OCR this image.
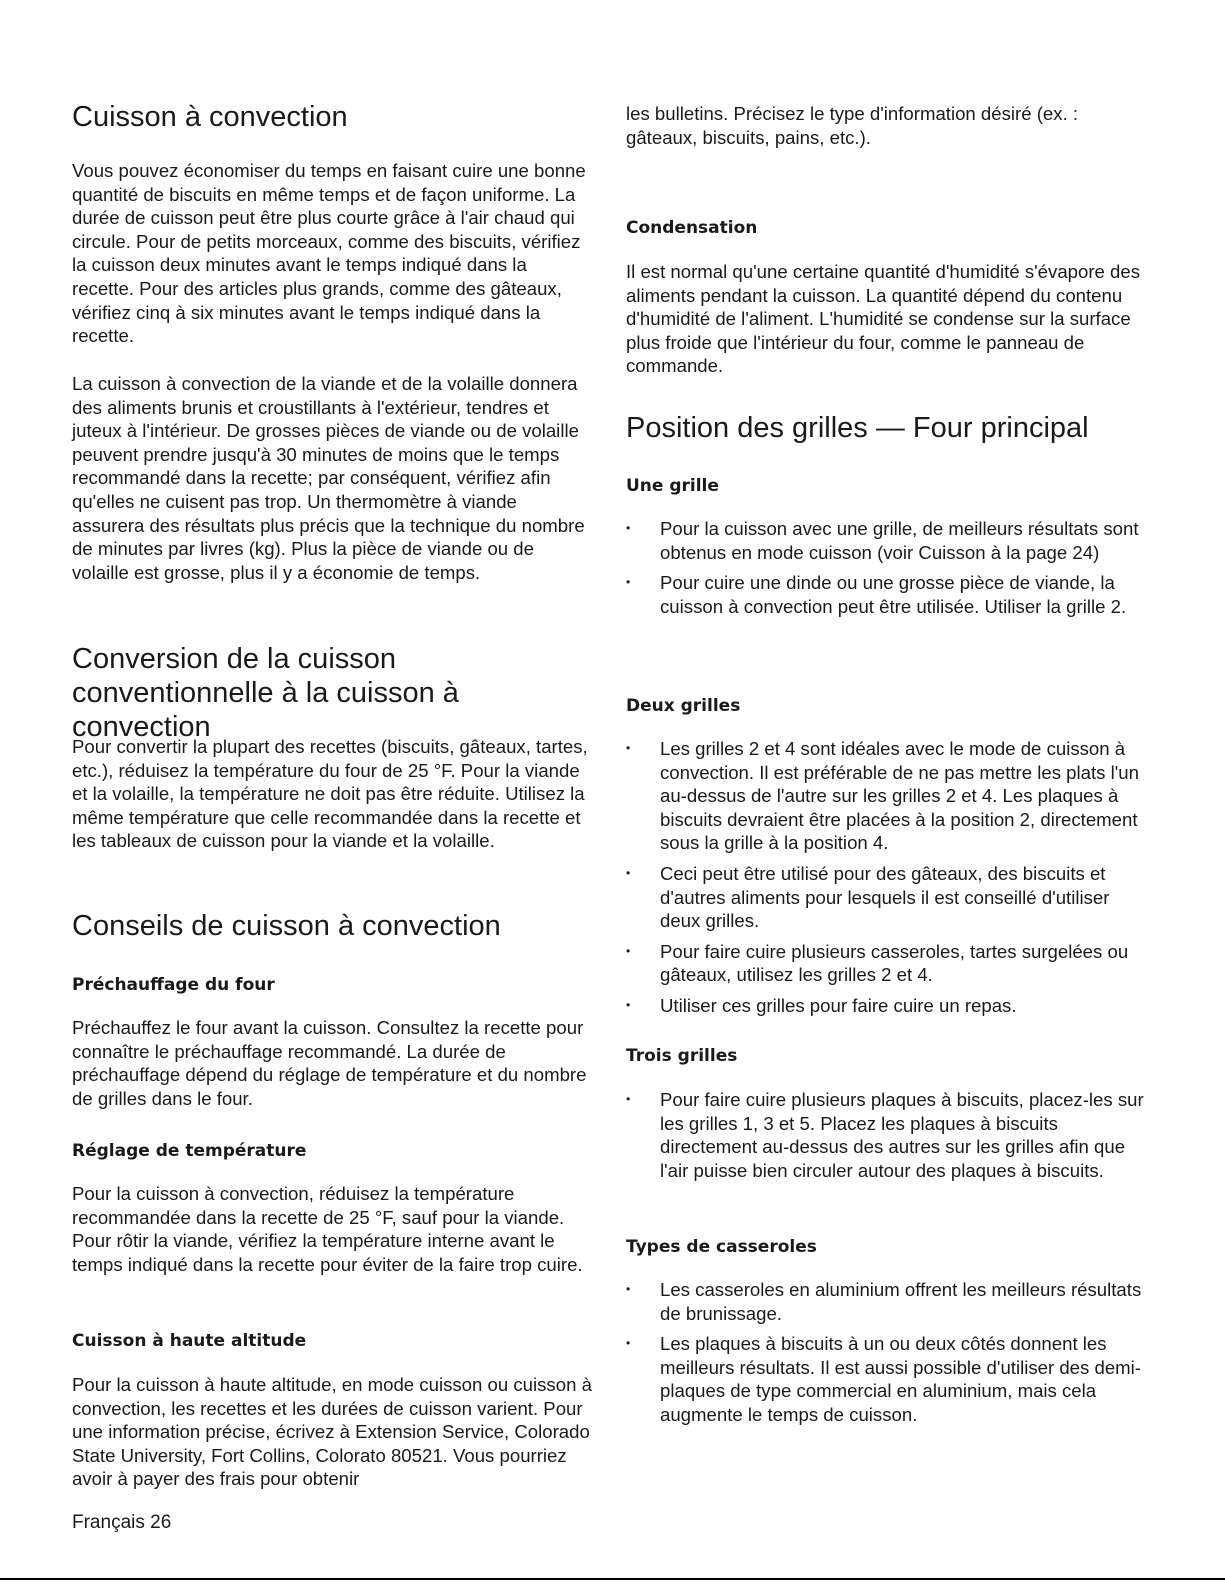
Cuisson à convection

Vous pouvez économiser du temps en faisant cuire une bonne quantité de biscuits en même temps et de façon uniforme. La durée de cuisson peut être plus courte grâce à l'air chaud qui circule. Pour de petits morceaux, comme des biscuits, vérifiez la cuisson deux minutes avant le temps indiqué dans la recette. Pour des articles plus grands, comme des gâteaux, vérifiez cinq à six minutes avant le temps indiqué dans la recette.

La cuisson à convection de la viande et de la volaille donnera des aliments brunis et croustillants à l'extérieur, tendres et juteux à l'intérieur. De grosses pièces de viande ou de volaille peuvent prendre jusqu'à 30 minutes de moins que le temps recommandé dans la recette; par conséquent, vérifiez afin qu'elles ne cuisent pas trop. Un thermomètre à viande assurera des résultats plus précis que la technique du nombre de minutes par livres (kg). Plus la pièce de viande ou de volaille est grosse, plus il y a économie de temps.

Conversion de la cuisson conventionnelle à la cuisson à convection

Pour convertir la plupart des recettes (biscuits, gâteaux, tartes, etc.), réduisez la température du four de 25 °F. Pour la viande et la volaille, la température ne doit pas être réduite. Utilisez la même température que celle recommandée dans la recette et les tableaux de cuisson pour la viande et la volaille.

Conseils de cuisson à convection
Préchauffage du four

Préchauffez le four avant la cuisson. Consultez la recette pour connaître le préchauffage recommandé. La durée de préchauffage dépend du réglage de température et du nombre de grilles dans le four.

Réglage de température

Pour la cuisson à convection, réduisez la température recommandée dans la recette de 25 °F, sauf pour la viande. Pour rôtir la viande, vérifiez la température interne avant le temps indiqué dans la recette pour éviter de la faire trop cuire.

Cuisson à haute altitude

Pour la cuisson à haute altitude, en mode cuisson ou cuisson à convection, les recettes et les durées de cuisson varient. Pour une information précise, écrivez à Extension Service, Colorado State University, Fort Collins, Colorato 80521. Vous pourriez avoir à payer des frais pour obtenir

les bulletins. Précisez le type d'information désiré (ex. : gâteaux, biscuits, pains, etc.).

Condensation

Il est normal qu'une certaine quantité d'humidité s'évapore des aliments pendant la cuisson. La quantité dépend du contenu d'humidité de l'aliment. L'humidité se condense sur la surface plus froide que l'intérieur du four, comme le panneau de commande.

Position des grilles — Four principal
Une grille
• Pour la cuisson avec une grille, de meilleurs résultats sont obtenus en mode cuisson (voir Cuisson à la page 24)
• Pour cuire une dinde ou une grosse pièce de viande, la cuisson à convection peut être utilisée. Utiliser la grille 2.
Deux grilles
• Les grilles 2 et 4 sont idéales avec le mode de cuisson à convection. Il est préférable de ne pas mettre les plats l'un au-dessus de l'autre sur les grilles 2 et 4. Les plaques à biscuits devraient être placées à la position 2, directement sous la grille à la position 4.
• Ceci peut être utilisé pour des gâteaux, des biscuits et d'autres aliments pour lesquels il est conseillé d'utiliser deux grilles.
• Pour faire cuire plusieurs casseroles, tartes surgelées ou gâteaux, utilisez les grilles 2 et 4.
• Utiliser ces grilles pour faire cuire un repas.
Trois grilles
• Pour faire cuire plusieurs plaques à biscuits, placez-les sur les grilles 1, 3 et 5. Placez les plaques à biscuits directement au-dessus des autres sur les grilles afin que l'air puisse bien circuler autour des plaques à biscuits.
Types de casseroles
• Les casseroles en aluminium offrent les meilleurs résultats de brunissage.
• Les plaques à biscuits à un ou deux côtés donnent les meilleurs résultats. Il est aussi possible d'utiliser des demi-plaques de type commercial en aluminium, mais cela augmente le temps de cuisson.
Français 26
